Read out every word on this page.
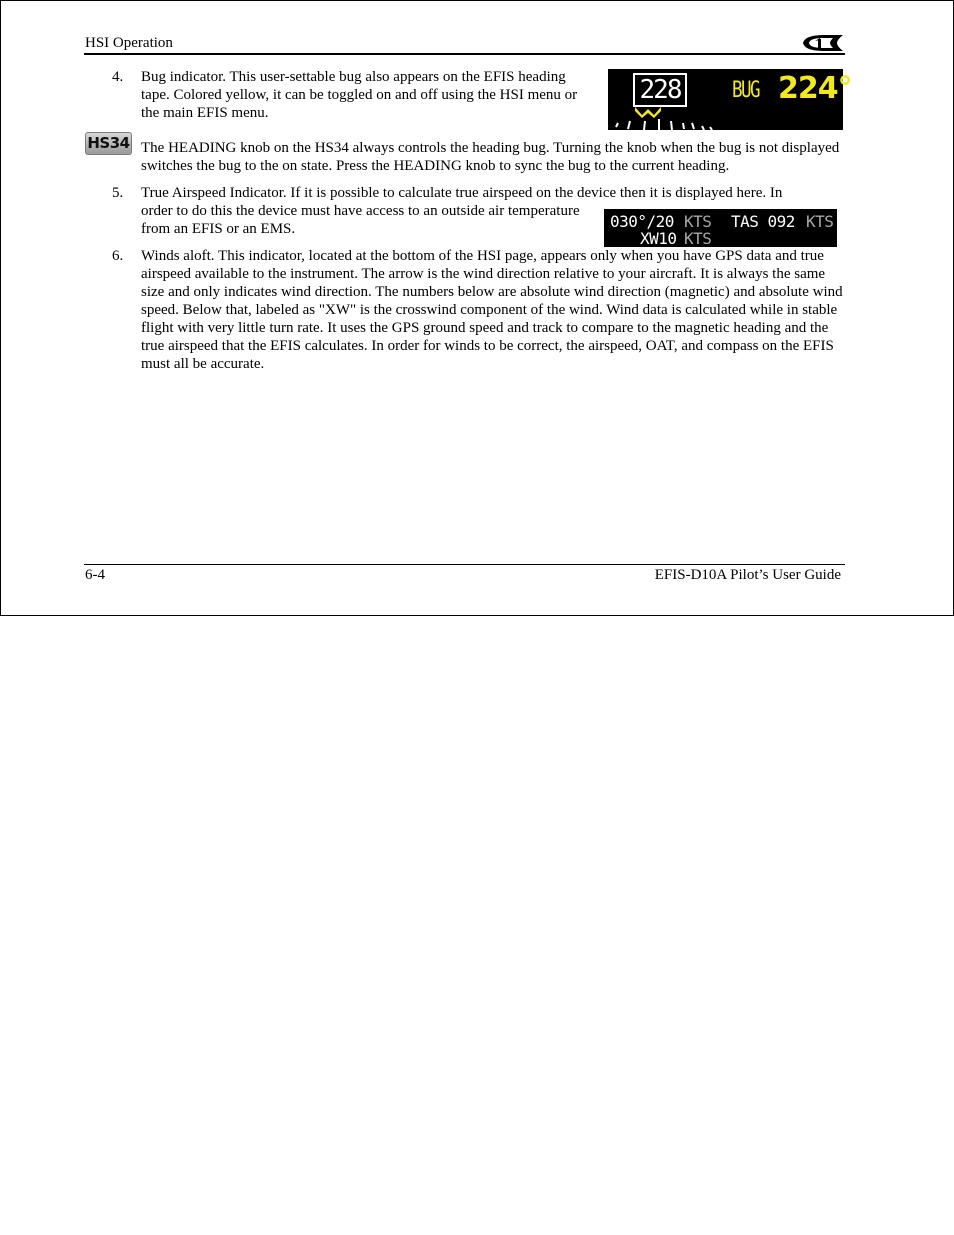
HSI Operation
4. Bug indicator. This user-settable bug also appears on the EFIS heading tape. Colored yellow, it can be toggled on and off using the HSI menu or the main EFIS menu.
228 BUG 224°
HS34 The HEADING knob on the HS34 always controls the heading bug. Turning the knob when the bug is not displayed switches the bug to the on state. Press the HEADING knob to sync the bug to the current heading.
5. True Airspeed Indicator. If it is possible to calculate true airspeed on the device then it is displayed here. In
order to do this the device must have access to an outside air temperature from an EFIS or an EMS.	030°/20 KTS TAS 092 KTS
XW10 KTS
6. Winds aloft. This indicator, located at the bottom of the HSI page, appears only when you have GPS data and true airspeed available to the instrument. The arrow is the wind direction relative to your aircraft. It is always the same size and only indicates wind direction. The numbers below are absolute wind direction (magnetic) and absolute wind speed. Below that, labeled as "XW" is the crosswind component of the wind. Wind data is calculated while in stable flight with very little turn rate. It uses the GPS ground speed and track to compare to the magnetic heading and the true airspeed that the EFIS calculates. In order for winds to be correct, the airspeed, OAT, and compass on the EFIS must all be accurate.
6-4	EFIS-D10A Pilot’s User Guide
